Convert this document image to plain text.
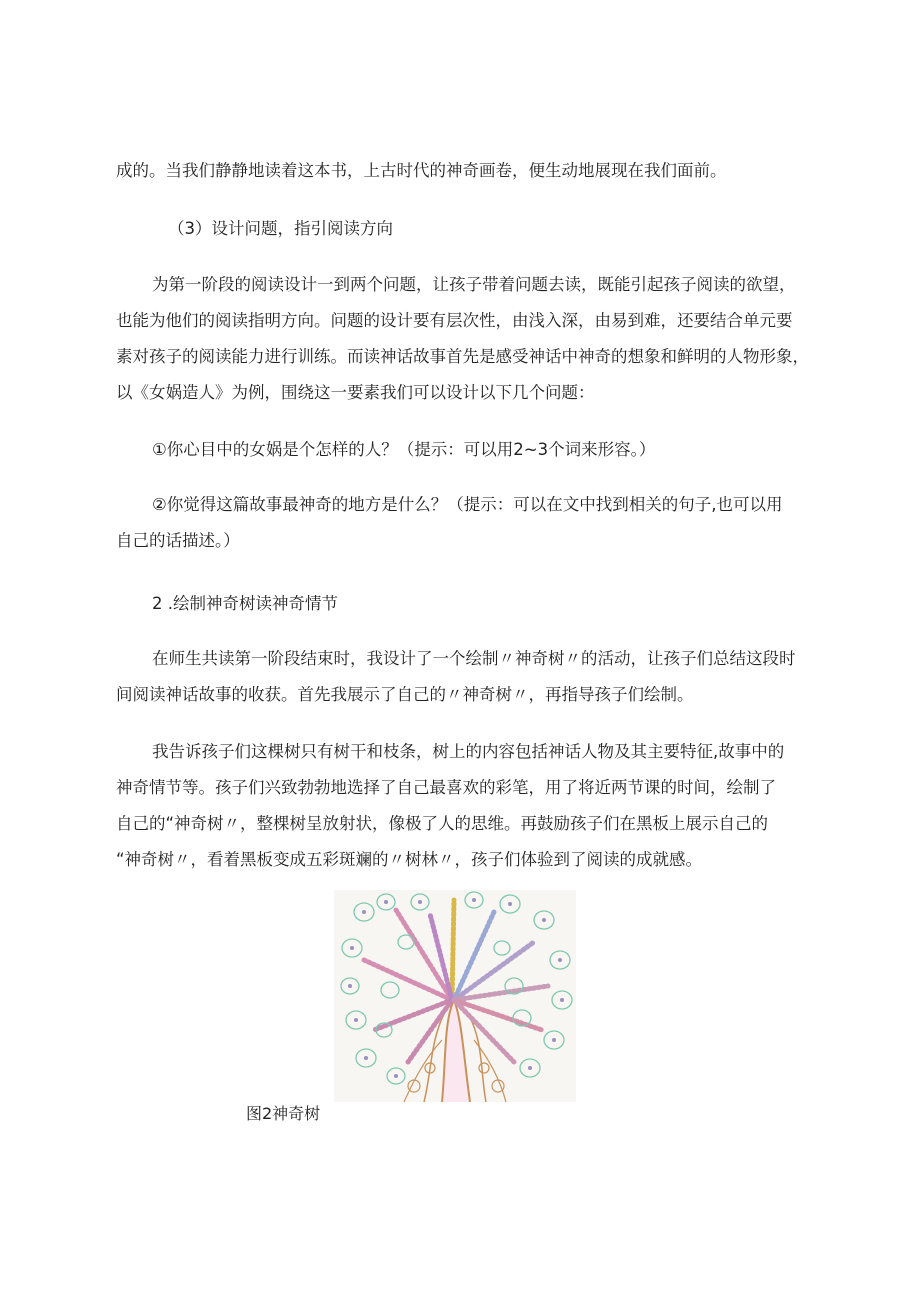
成的。当我们静静地读着这本书，上古时代的神奇画卷，便生动地展现在我们面前。
（3）设计问题，指引阅读方向
为第一阶段的阅读设计一到两个问题，让孩子带着问题去读，既能引起孩子阅读的欲望，
也能为他们的阅读指明方向。问题的设计要有层次性，由浅入深，由易到难，还要结合单元要
素对孩子的阅读能力进行训练。而读神话故事首先是感受神话中神奇的想象和鲜明的人物形象，
以《女娲造人》为例，围绕这一要素我们可以设计以下几个问题：
①你心目中的女娲是个怎样的人？（提示：可以用2~3个词来形容。）
②你觉得这篇故事最神奇的地方是什么？（提示：可以在文中找到相关的句子,也可以用
自己的话描述。）
2 .绘制神奇树读神奇情节
在师生共读第一阶段结束时，我设计了一个绘制〃神奇树〃的活动，让孩子们总结这段时
间阅读神话故事的收获。首先我展示了自己的〃神奇树〃，再指导孩子们绘制。
我告诉孩子们这棵树只有树干和枝条，树上的内容包括神话人物及其主要特征,故事中的
神奇情节等。孩子们兴致勃勃地选择了自己最喜欢的彩笔，用了将近两节课的时间，绘制了
自己的“神奇树〃，整棵树呈放射状，像极了人的思维。再鼓励孩子们在黑板上展示自己的
“神奇树〃，看着黑板变成五彩斑斓的〃树林〃，孩子们体验到了阅读的成就感。
图2神奇树
